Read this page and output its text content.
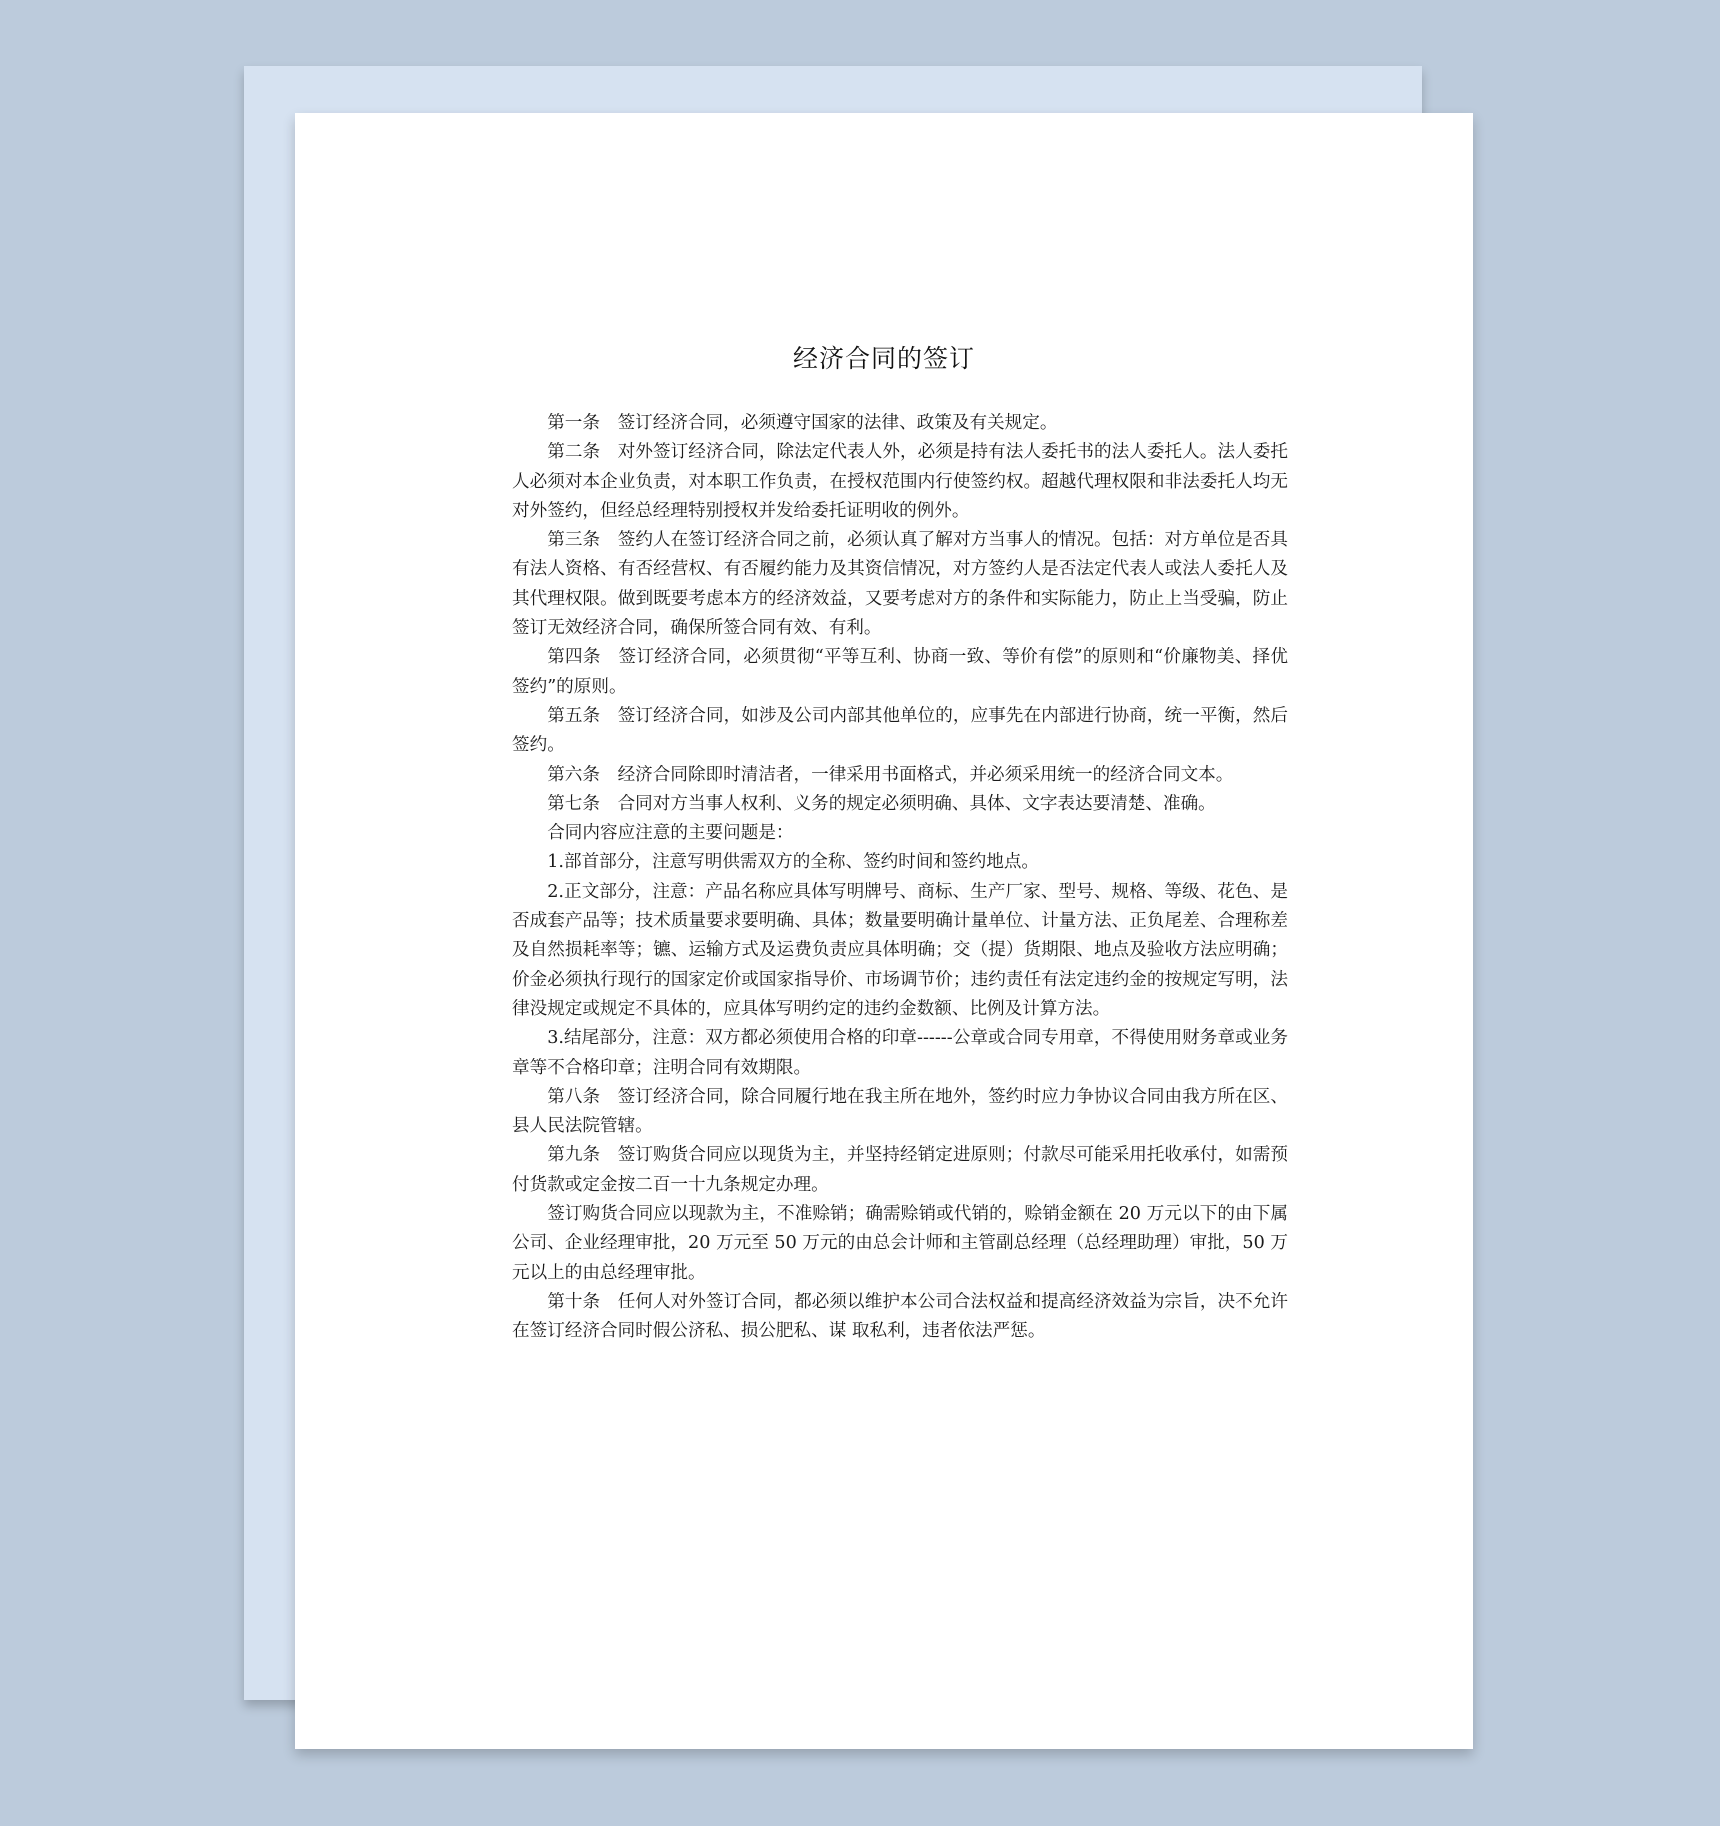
经济合同的签订

第一条　签订经济合同，必须遵守国家的法律、政策及有关规定。

第二条　对外签订经济合同，除法定代表人外，必须是持有法人委托书的法人委托人。法人委托人必须对本企业负责，对本职工作负责，在授权范围内行使签约权。超越代理权限和非法委托人均无对外签约，但经总经理特别授权并发给委托证明收的例外。

第三条　签约人在签订经济合同之前，必须认真了解对方当事人的情况。包括：对方单位是否具有法人资格、有否经营权、有否履约能力及其资信情况，对方签约人是否法定代表人或法人委托人及其代理权限。做到既要考虑本方的经济效益，又要考虑对方的条件和实际能力，防止上当受骗，防止签订无效经济合同，确保所签合同有效、有利。

第四条　签订经济合同，必须贯彻“平等互利、协商一致、等价有偿”的原则和“价廉物美、择优签约”的原则。

第五条　签订经济合同，如涉及公司内部其他单位的，应事先在内部进行协商，统一平衡，然后签约。

第六条　经济合同除即时清洁者，一律采用书面格式，并必须采用统一的经济合同文本。

第七条　合同对方当事人权利、义务的规定必须明确、具体、文字表达要清楚、准确。

合同内容应注意的主要问题是：

1.部首部分，注意写明供需双方的全称、签约时间和签约地点。

2.正文部分，注意：产品名称应具体写明牌号、商标、生产厂家、型号、规格、等级、花色、是否成套产品等；技术质量要求要明确、具体；数量要明确计量单位、计量方法、正负尾差、合理称差及自然损耗率等；镳、运输方式及运费负责应具体明确；交（提）货期限、地点及验收方法应明确；价金必须执行现行的国家定价或国家指导价、市场调节价；违约责任有法定违约金的按规定写明，法律没规定或规定不具体的，应具体写明约定的违约金数额、比例及计算方法。

3.结尾部分，注意：双方都必须使用合格的印章------公章或合同专用章，不得使用财务章或业务章等不合格印章；注明合同有效期限。

第八条　签订经济合同，除合同履行地在我主所在地外，签约时应力争协议合同由我方所在区、县人民法院管辖。

第九条　签订购货合同应以现货为主，并坚持经销定进原则；付款尽可能采用托收承付，如需预付货款或定金按二百一十九条规定办理。

签订购货合同应以现款为主，不准赊销；确需赊销或代销的，赊销金额在 20 万元以下的由下属公司、企业经理审批，20 万元至 50 万元的由总会计师和主管副总经理（总经理助理）审批，50 万元以上的由总经理审批。

第十条　任何人对外签订合同，都必须以维护本公司合法权益和提高经济效益为宗旨，决不允许在签订经济合同时假公济私、损公肥私、谋 取私利，违者依法严惩。
